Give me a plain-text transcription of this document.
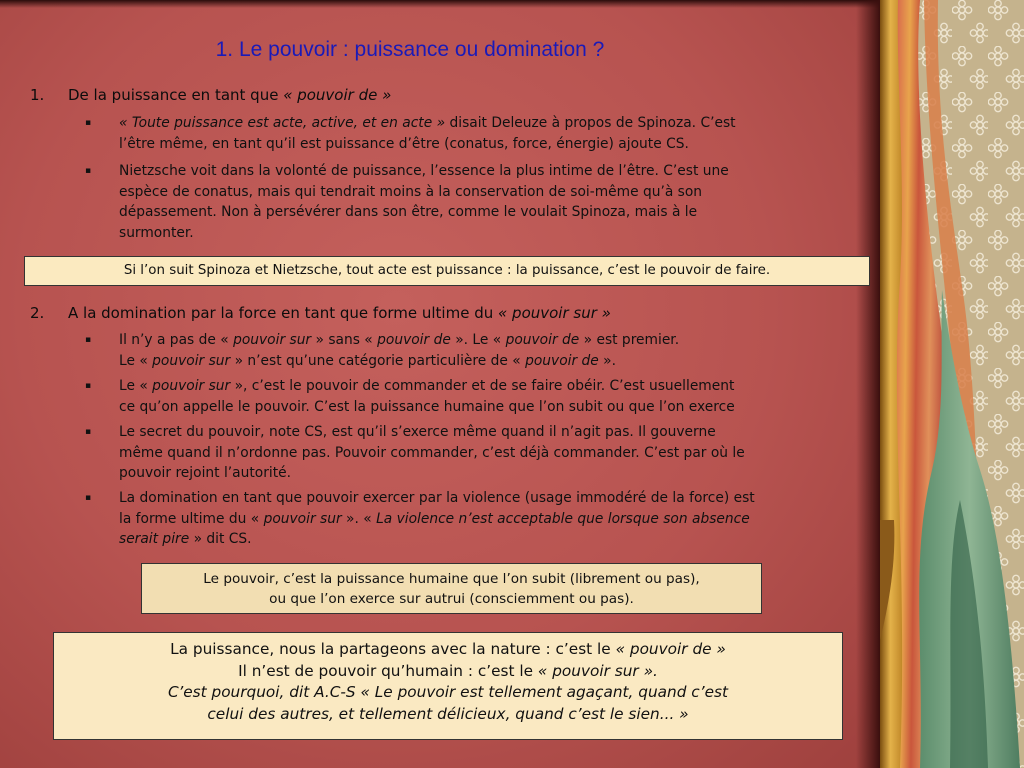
1. Le pouvoir : puissance ou domination ?
1. De la puissance en tant que « pouvoir de »
▪ « Toute puissance est acte, active, et en acte » disait Deleuze à propos de Spinoza. C’est
l’être même, en tant qu’il est puissance d’être (conatus, force, énergie) ajoute CS.
▪ Nietzsche voit dans la volonté de puissance, l’essence la plus intime de l’être. C’est une
espèce de conatus, mais qui tendrait moins à la conservation de soi-même qu’à son
dépassement. Non à persévérer dans son être, comme le voulait Spinoza, mais à le
surmonter.
Si l’on suit Spinoza et Nietzsche, tout acte est puissance : la puissance, c’est le pouvoir de faire.
2. A la domination par la force en tant que forme ultime du « pouvoir sur »
▪ Il n’y a pas de « pouvoir sur » sans « pouvoir de ». Le « pouvoir de » est premier.
Le « pouvoir sur » n’est qu’une catégorie particulière de « pouvoir de ».
▪ Le « pouvoir sur », c’est le pouvoir de commander et de se faire obéir. C’est usuellement
ce qu’on appelle le pouvoir. C’est la puissance humaine que l’on subit ou que l’on exerce
▪ Le secret du pouvoir, note CS, est qu’il s’exerce même quand il n’agit pas. Il gouverne
même quand il n’ordonne pas. Pouvoir commander, c’est déjà commander. C’est par où le
pouvoir rejoint l’autorité.
▪ La domination en tant que pouvoir exercer par la violence (usage immodéré de la force) est
la forme ultime du « pouvoir sur ». « La violence n’est acceptable que lorsque son absence
serait pire » dit CS.
Le pouvoir, c’est la puissance humaine que l’on subit (librement ou pas),
ou que l’on exerce sur autrui (consciemment ou pas).
La puissance, nous la partageons avec la nature : c’est le « pouvoir de »
Il n’est de pouvoir qu’humain : c’est le « pouvoir sur ».
C’est pourquoi, dit A.C-S « Le pouvoir est tellement agaçant, quand c’est
celui des autres, et tellement délicieux, quand c’est le sien... »
